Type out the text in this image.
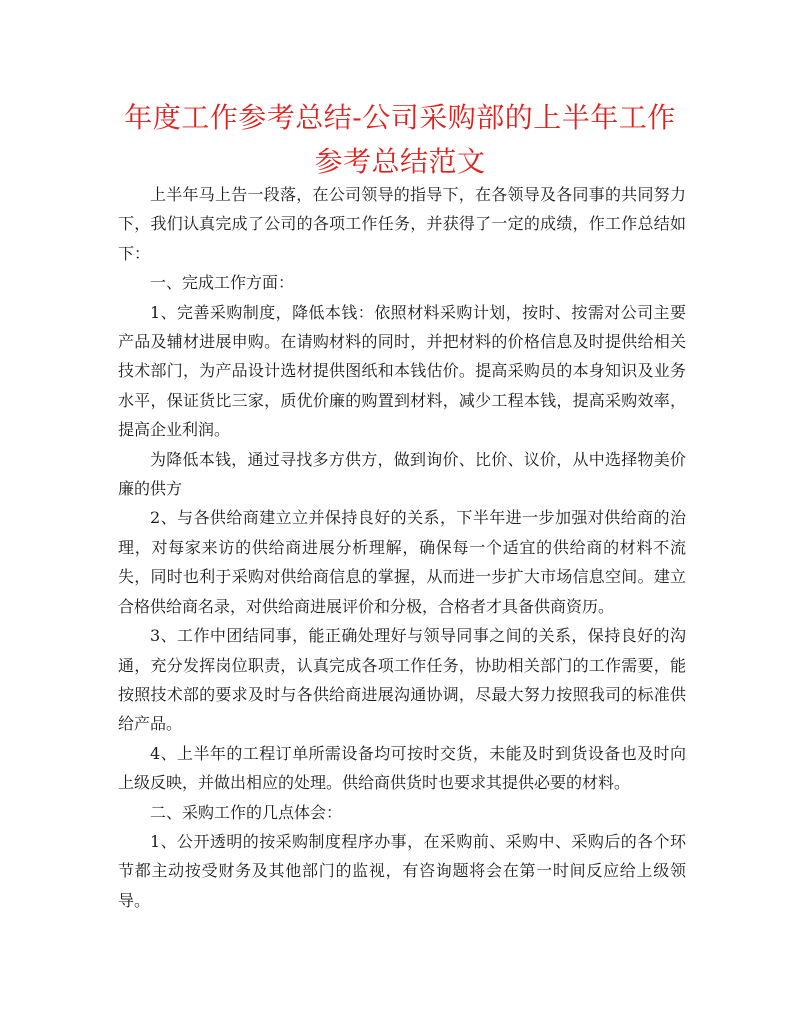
年度工作参考总结-公司采购部的上半年工作参考总结范文

上半年马上告一段落，在公司领导的指导下，在各领导及各同事的共同努力下，我们认真完成了公司的各项工作任务，并获得了一定的成绩，作工作总结如下：

一、完成工作方面：

1、完善采购制度，降低本钱：依照材料采购计划，按时、按需对公司主要产品及辅材进展申购。在请购材料的同时，并把材料的价格信息及时提供给相关技术部门，为产品设计选材提供图纸和本钱估价。提高采购员的本身知识及业务水平，保证货比三家，质优价廉的购置到材料，减少工程本钱，提高采购效率，提高企业利润。

为降低本钱，通过寻找多方供方，做到询价、比价、议价，从中选择物美价廉的供方

2、与各供给商建立立并保持良好的关系，下半年进一步加强对供给商的治理，对每家来访的供给商进展分析理解，确保每一个适宜的供给商的材料不流失，同时也利于采购对供给商信息的掌握，从而进一步扩大市场信息空间。建立合格供给商名录，对供给商进展评价和分极，合格者才具备供商资历。

3、工作中团结同事，能正确处理好与领导同事之间的关系，保持良好的沟通，充分发挥岗位职责，认真完成各项工作任务，协助相关部门的工作需要，能按照技术部的要求及时与各供给商进展沟通协调，尽最大努力按照我司的标准供给产品。

4、上半年的工程订单所需设备均可按时交货，未能及时到货设备也及时向上级反映，并做出相应的处理。供给商供货时也要求其提供必要的材料。

二、采购工作的几点体会：

1、公开透明的按采购制度程序办事，在采购前、采购中、采购后的各个环节都主动按受财务及其他部门的监视，有咨询题将会在第一时间反应给上级领导。
